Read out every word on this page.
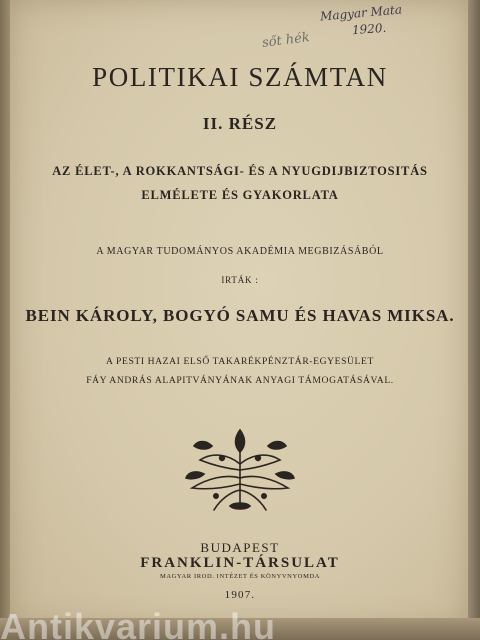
Magyar Mata
1920.
sőt hék
POLITIKAI SZÁMTAN
II. RÉSZ
AZ ÉLET-, A ROKKANTSÁGI- ÉS A NYUGDIJBIZTOSITÁS
ELMÉLETE ÉS GYAKORLATA
A MAGYAR TUDOMÁNYOS AKADÉMIA MEGBIZÁSÁBÓL
IRTÁK :
BEIN KÁROLY, BOGYÓ SAMU ÉS HAVAS MIKSA.
A PESTI HAZAI ELSŐ TAKARÉKPÉNZTÁR-EGYESÜLET
FÁY ANDRÁS ALAPITVÁNYÁNAK ANYAGI TÁMOGATÁSÁVAL.
BUDAPEST
FRANKLIN-TÁRSULAT
MAGYAR IROD. INTÉZET ÉS KÖNYVNYOMDA
1907.
Antikvarium.hu
